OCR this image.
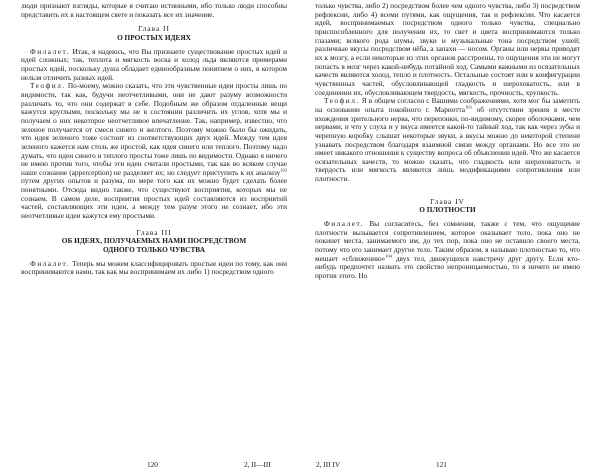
люди признают взгляды, которые я считаю истинными, ибо только люди способны представить их в настоящем свете и показать все их значение.

Глава II
О ПРОСТЫХ ИДЕЯХ

Филалет. Итак, я надеюсь, что Вы признаете существование простых идей и идей сложных; так, теплота и мягкость воска и холод льда являются примерами простых идей, поскольку душа обладает единообразным понятием о них, в котором нельзя отличить разных идей.

Теофил. По-моему, можно сказать, что эти чувственные идеи просты лишь по видимости, так как, будучи неотчетливыми, они не дают разуму возможности различать то, что они содержат в себе. Подобным же образом отдаленные вещи кажутся круглыми, поскольку мы не в состоянии различить их углов, хотя мы и получаем о них некоторое неотчетливое впечатление. Так, например, известно, что зеленое получается от смеси синего и желтого. Поэтому можно было бы ожидать, что идея зеленого тоже состоит из соответствующих двух идей. Между тем идея зеленого кажется нам столь же простой, как идея синего или теплого. Поэтому надо думать, что идеи синего и теплого просты тоже лишь по видимости. Однако я ничего не имею против того, чтобы эти идеи считали простыми, так как во всяком случае наше сознание (apperception) не разделяет их; но следует приступить к их анализу$^{102}$ путем других опытов и разума, по мере того как их можно будет сделать более понятными. Отсюда видно также, что существуют восприятия, которых мы не сознаем. В самом деле, восприятия простых идей составляются из восприятий частей, составляющих эти идеи, а между тем разум этого не сознает, ибо эти неотчетливые идеи кажутся ему простыми.

Глава III
ОБ ИДЕЯХ, ПОЛУЧАЕМЫХ НАМИ ПОСРЕДСТВОМ
ОДНОГО ТОЛЬКО ЧУВСТВА

Филалет. Теперь мы можем классифицировать простые идеи по тому, как они воспринимаются нами, так как мы воспринимаем их либо 1) посредством одного

120	2, II—III

только чувства, либо 2) посредством более чем одного чувства, либо 3) посредством рефлексии, либо 4) всеми путями, как ощущения, так и рефлексии. Что касается идей, воспринимаемых посредством одного только чувства, специально приспособленного для получения их, то свет и цвета воспринимаются только глазами; всякого рода шумы, звуки и музыкальные тона посредством ушей; различные вкусы посредством нёба, а запахи — носом. Органы или нервы приводят их к мозгу, а если некоторые из этих органов расстроены, то ощущения эти не могут попасть в мозг через какой-нибудь потайной ход. Самыми важными из осязательных качеств являются холод, тепло и плотность. Остальные состоят или в конфигурации чувственных частей, обусловливающей гладкость и шероховатость, или в соединении их, обусловливающем твердость, мягкость, прочность, хрупкость.

Теофил. Я в общем согласен с Вашими соображениями, хотя мог бы заметить на основании опыта покойного г. Мариотта$^{103}$ об отсутствии зрения в месте вхождения зрительного нерва, что перепонки, по-видимому, скорее оболочками, чем нервами, и что у слуха и у вкуса имеется какой-то тайный ход, так как через зубы и черепную коробку слышат некоторые звуки, а вкусы можно до некоторой степени узнавать посредством благодаря взаимной связи между органами. Но все это не имеет никакого отношения к существу вопроса об объяснении идей. Что же касается осязательных качеств, то можно сказать, что гладкость или шероховатость и твердость или мягкость являются лишь модификациями сопротивления или плотности.

Глава IV
О ПЛОТНОСТИ

Филалет. Вы согласитесь, без сомнения, также с тем, что ощущение плотности вызывается сопротивлением, которое оказывает тело, пока оно не покинет места, занимаемого им, до тех пор, пока оно не оставило своего места, потому что его занимает другое тело. Таким образом, я называю плотностью то, что мешает «сближению»$^{104}$ двух тел, движущихся навстречу друг другу. Если кто-нибудь предпочтет назвать это свойство непроницаемостью, то я ничего не имею против этого. Но

2, III IV	121
